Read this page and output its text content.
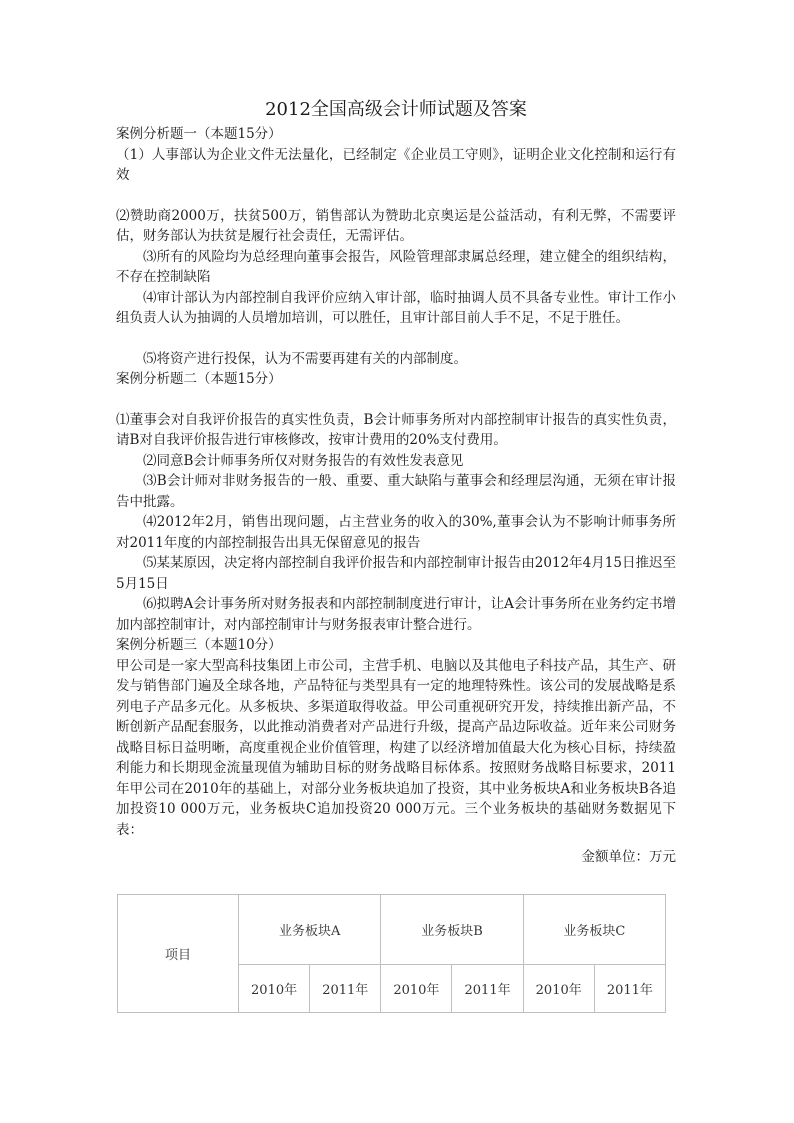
2012全国高级会计师试题及答案

案例分析题一（本题15分）

（1）人事部认为企业文件无法量化，已经制定《企业员工守则》，证明企业文化控制和运行有效

⑵赞助商2000万，扶贫500万，销售部认为赞助北京奥运是公益活动，有利无弊，不需要评估，财务部认为扶贫是履行社会责任，无需评估。

⑶所有的风险均为总经理向董事会报告，风险管理部隶属总经理，建立健全的组织结构，不存在控制缺陷

⑷审计部认为内部控制自我评价应纳入审计部，临时抽调人员不具备专业性。审计工作小组负责人认为抽调的人员增加培训，可以胜任，且审计部目前人手不足，不足于胜任。

⑸将资产进行投保，认为不需要再建有关的内部制度。

案例分析题二（本题15分）

⑴董事会对自我评价报告的真实性负责，B会计师事务所对内部控制审计报告的真实性负责，请B对自我评价报告进行审核修改，按审计费用的20%支付费用。

⑵同意B会计师事务所仅对财务报告的有效性发表意见

⑶B会计师对非财务报告的一般、重要、重大缺陷与董事会和经理层沟通，无须在审计报告中批露。

⑷2012年2月，销售出现问题，占主营业务的收入的30%,董事会认为不影响计师事务所对2011年度的内部控制报告出具无保留意见的报告

⑸某某原因，决定将内部控制自我评价报告和内部控制审计报告由2012年4月15日推迟至5月15日

⑹拟聘A会计事务所对财务报表和内部控制制度进行审计，让A会计事务所在业务约定书增加内部控制审计，对内部控制审计与财务报表审计整合进行。

案例分析题三（本题10分）

甲公司是一家大型高科技集团上市公司，主营手机、电脑以及其他电子科技产品，其生产、研发与销售部门遍及全球各地，产品特征与类型具有一定的地理特殊性。该公司的发展战略是系列电子产品多元化。从多板块、多渠道取得收益。甲公司重视研究开发，持续推出新产品，不断创新产品配套服务，以此推动消费者对产品进行升级，提高产品边际收益。近年来公司财务战略目标日益明晰，高度重视企业价值管理，构建了以经济增加值最大化为核心目标，持续盈利能力和长期现金流量现值为辅助目标的财务战略目标体系。按照财务战略目标要求，2011年甲公司在2010年的基础上，对部分业务板块追加了投资，其中业务板块A和业务板块B各追加投资10 000万元，业务板块C追加投资20 000万元。三个业务板块的基础财务数据见下表：

金额单位：万元

项目	业务板块A		业务板块B		业务板块C	
	2010年	2011年	2010年	2011年	2010年	2011年
